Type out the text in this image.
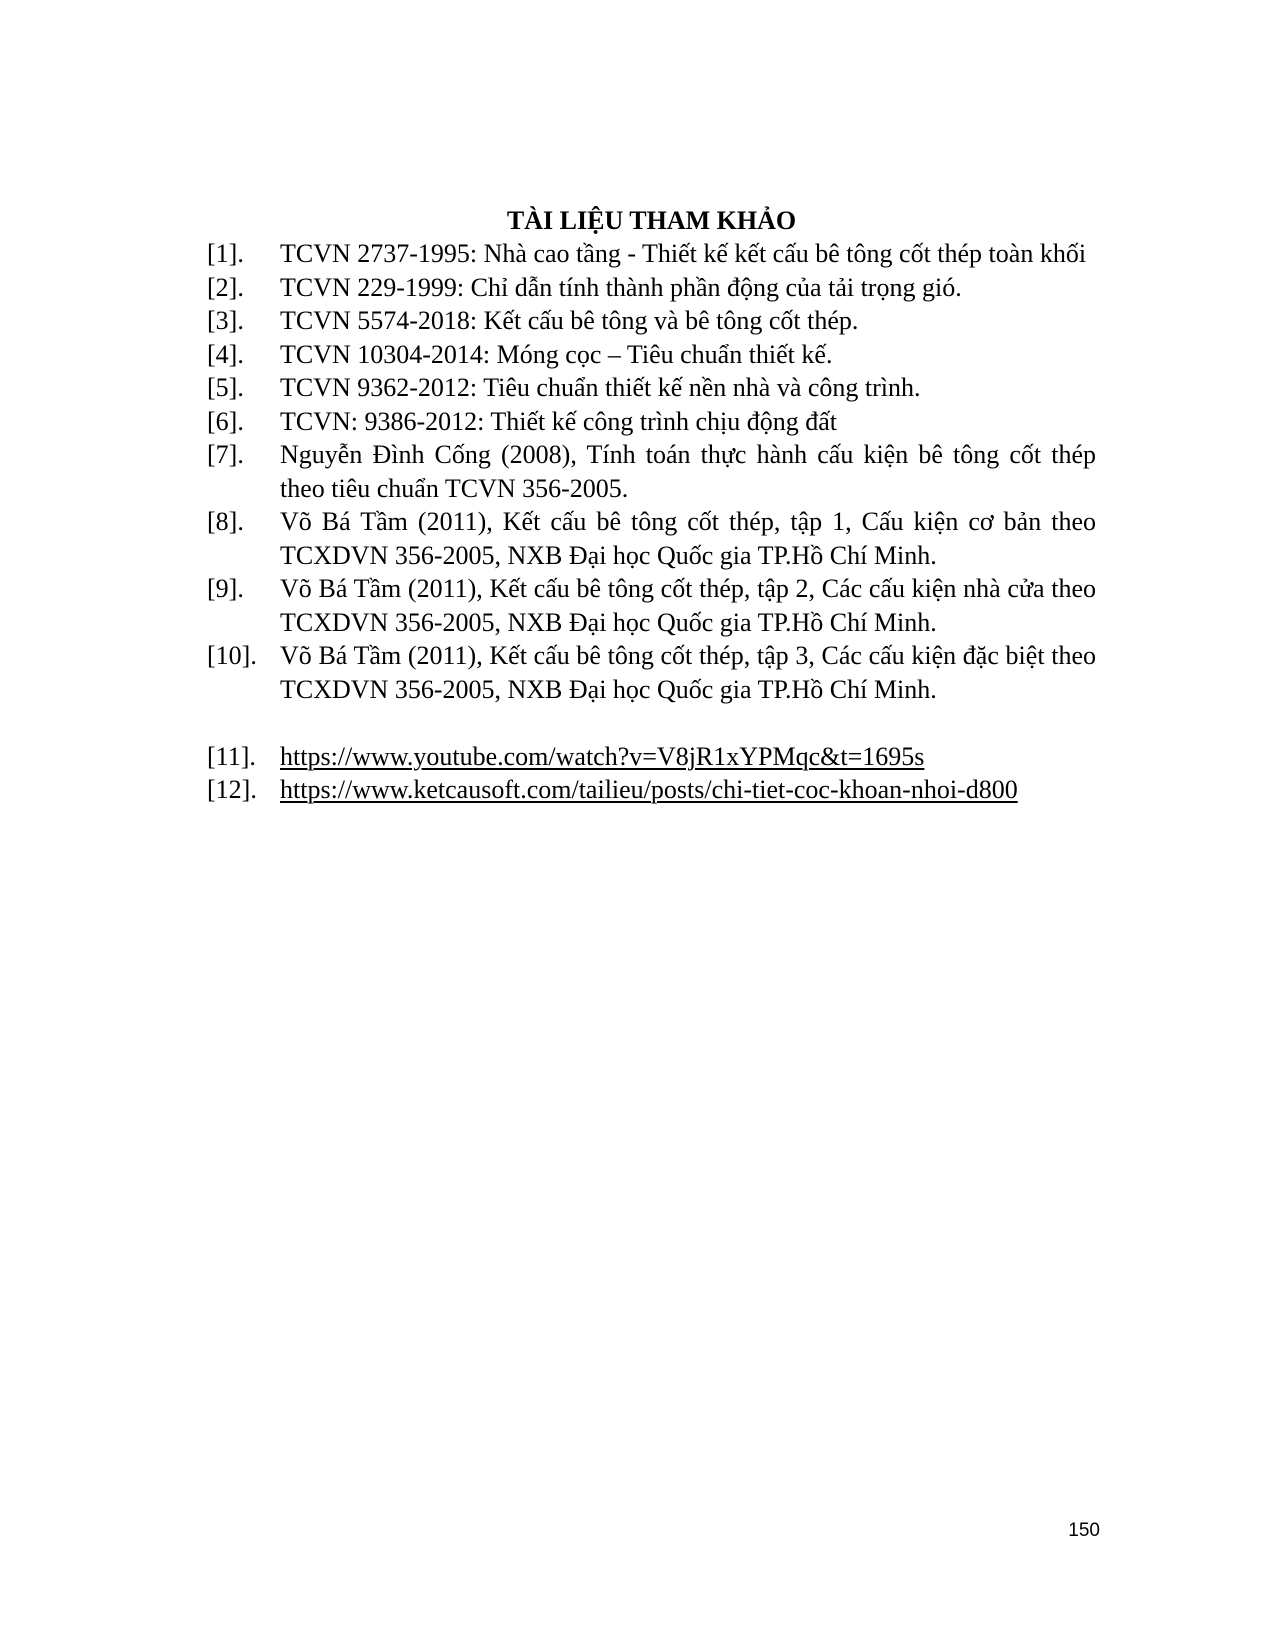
TÀI LIỆU THAM KHẢO
[1]. TCVN 2737-1995: Nhà cao tầng - Thiết kế kết cấu bê tông cốt thép toàn khối
[2]. TCVN 229-1999: Chỉ dẫn tính thành phần động của tải trọng gió.
[3]. TCVN 5574-2018: Kết cấu bê tông và bê tông cốt thép.
[4]. TCVN 10304-2014: Móng cọc – Tiêu chuẩn thiết kế.
[5]. TCVN 9362-2012: Tiêu chuẩn thiết kế nền nhà và công trình.
[6]. TCVN: 9386-2012: Thiết kế công trình chịu động đất
[7]. Nguyễn Đình Cống (2008), Tính toán thực hành cấu kiện bê tông cốt thép theo tiêu chuẩn TCVN 356-2005.
[8]. Võ Bá Tầm (2011), Kết cấu bê tông cốt thép, tập 1, Cấu kiện cơ bản theo TCXDVN 356-2005, NXB Đại học Quốc gia TP.Hồ Chí Minh.
[9]. Võ Bá Tầm (2011), Kết cấu bê tông cốt thép, tập 2, Các cấu kiện nhà cửa theo TCXDVN 356-2005, NXB Đại học Quốc gia TP.Hồ Chí Minh.
[10]. Võ Bá Tầm (2011), Kết cấu bê tông cốt thép, tập 3, Các cấu kiện đặc biệt theo TCXDVN 356-2005, NXB Đại học Quốc gia TP.Hồ Chí Minh.
[11]. https://www.youtube.com/watch?v=V8jR1xYPMqc&t=1695s
[12]. https://www.ketcausoft.com/tailieu/posts/chi-tiet-coc-khoan-nhoi-d800
150
